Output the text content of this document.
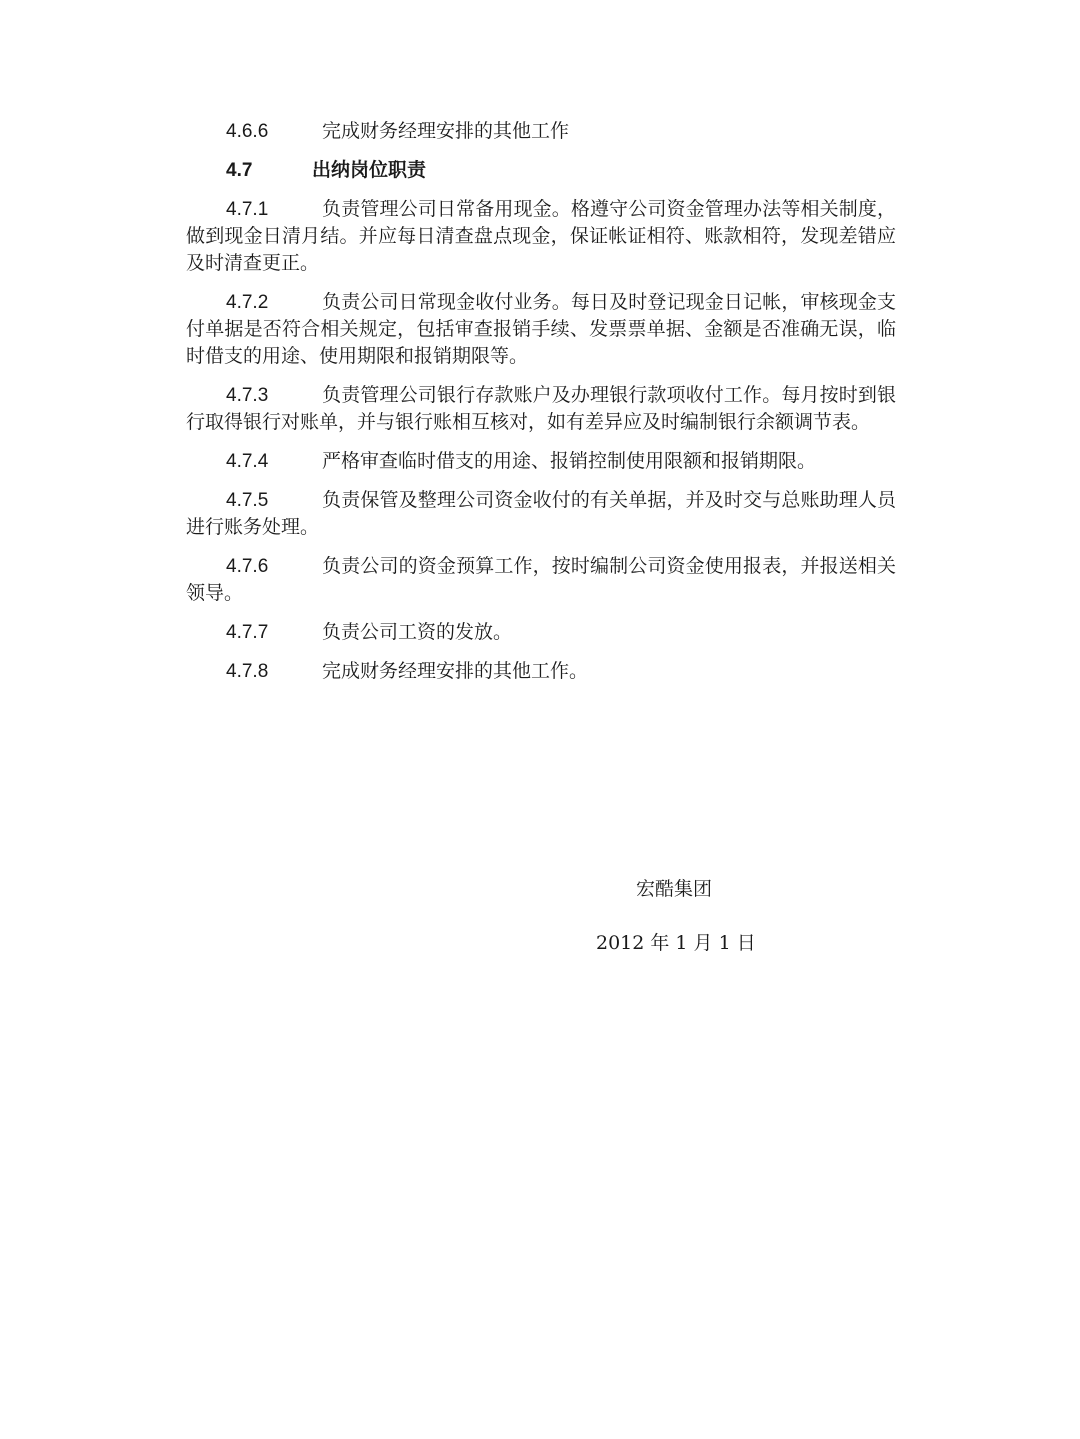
4.6.6	完成财务经理安排的其他工作

4.7	出纳岗位职责

4.7.1	负责管理公司日常备用现金。格遵守公司资金管理办法等相关制度，做到现金日清月结。并应每日清查盘点现金，保证帐证相符、账款相符，发现差错应及时清查更正。

4.7.2	负责公司日常现金收付业务。每日及时登记现金日记帐，审核现金支付单据是否符合相关规定，包括审查报销手续、发票票单据、金额是否准确无误，临时借支的用途、使用期限和报销期限等。

4.7.3	负责管理公司银行存款账户及办理银行款项收付工作。每月按时到银行取得银行对账单，并与银行账相互核对，如有差异应及时编制银行余额调节表。

4.7.4	严格审查临时借支的用途、报销控制使用限额和报销期限。

4.7.5	负责保管及整理公司资金收付的有关单据，并及时交与总账助理人员进行账务处理。

4.7.6	负责公司的资金预算工作，按时编制公司资金使用报表，并报送相关领导。

4.7.7	负责公司工资的发放。

4.7.8	完成财务经理安排的其他工作。

宏酷集团
2012 年 1 月 1 日
